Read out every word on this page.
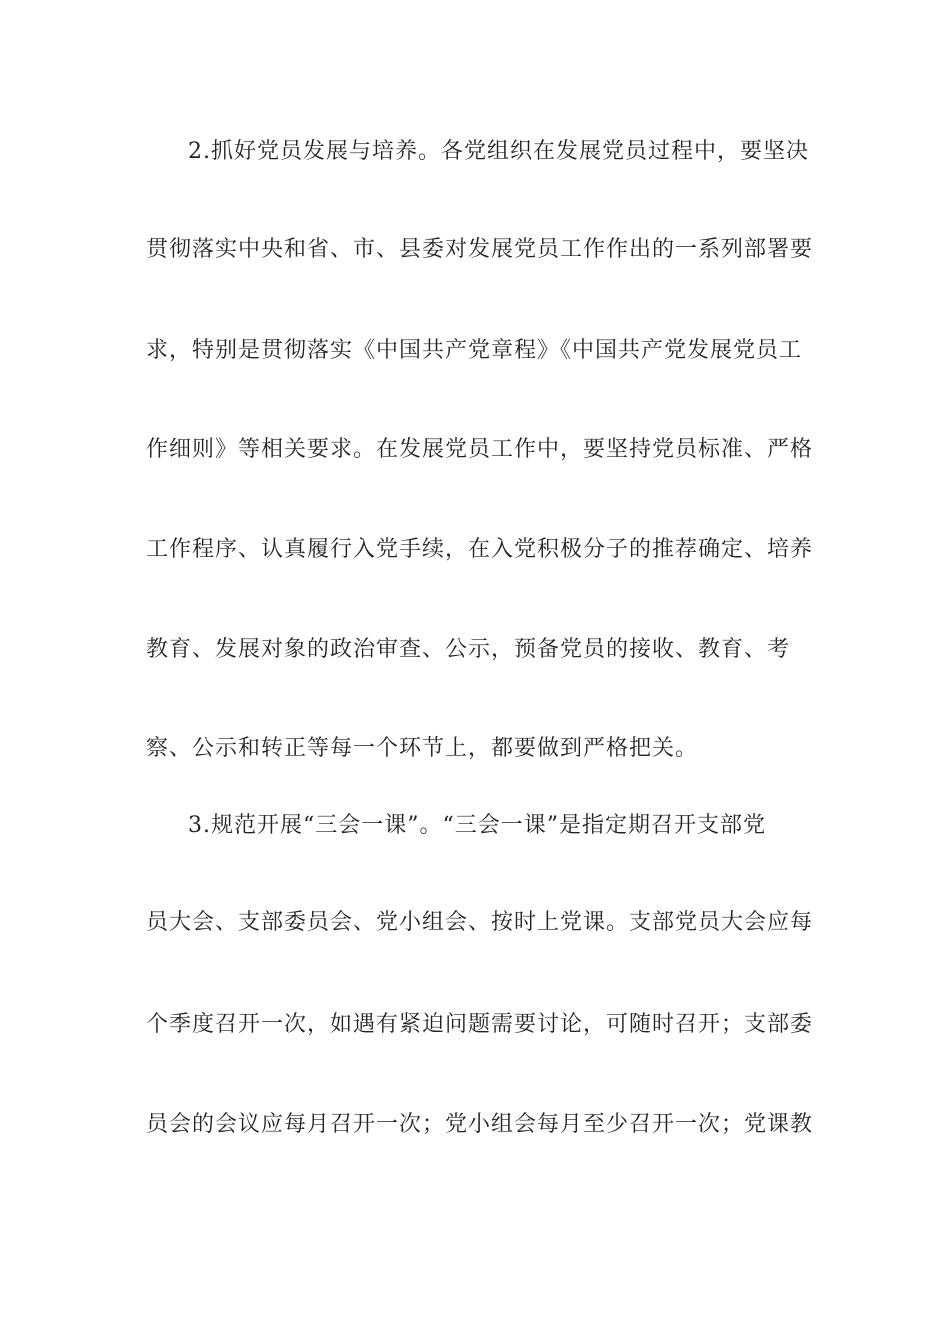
2.抓好党员发展与培养。各党组织在发展党员过程中，要坚决
贯彻落实中央和省、市、县委对发展党员工作作出的一系列部署要
求，特别是贯彻落实《中国共产党章程》《中国共产党发展党员工
作细则》等相关要求。在发展党员工作中，要坚持党员标准、严格
工作程序、认真履行入党手续，在入党积极分子的推荐确定、培养
教育、发展对象的政治审查、公示，预备党员的接收、教育、考
察、公示和转正等每一个环节上，都要做到严格把关。
3.规范开展“三会一课”。“三会一课”是指定期召开支部党
员大会、支部委员会、党小组会、按时上党课。支部党员大会应每
个季度召开一次，如遇有紧迫问题需要讨论，可随时召开；支部委
员会的会议应每月召开一次；党小组会每月至少召开一次；党课教
